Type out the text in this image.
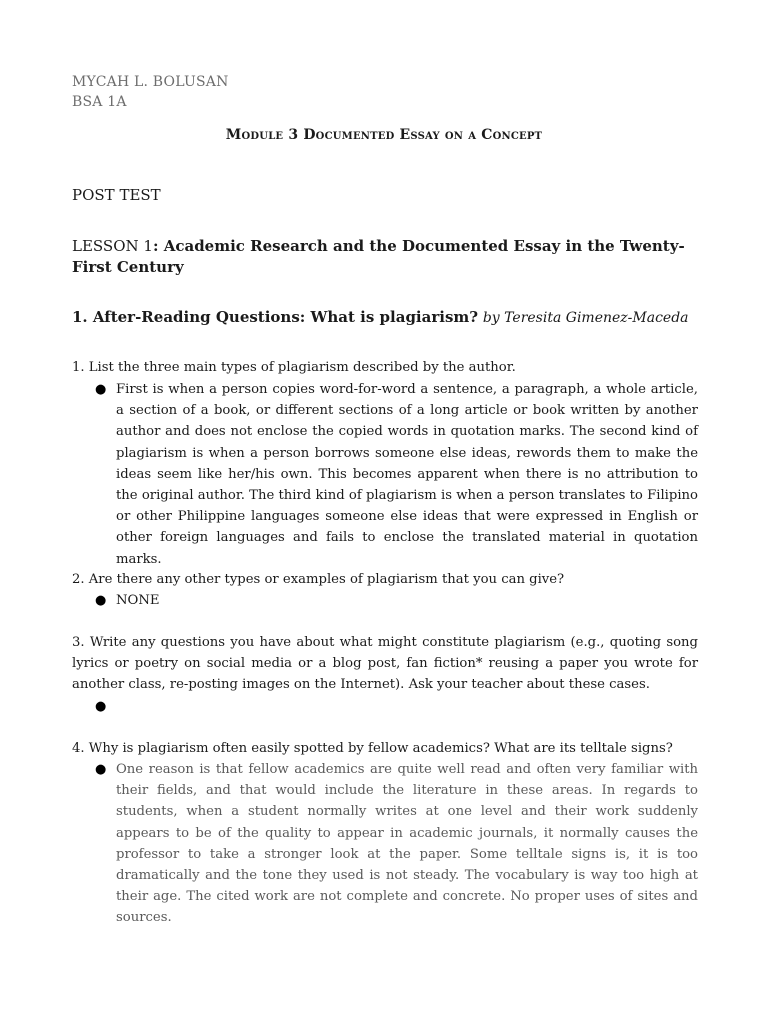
MYCAH L. BOLUSAN
BSA 1A
Module 3 Documented Essay on a Concept
POST TEST
LESSON 1: Academic Research and the Documented Essay in the Twenty-First Century
1. After-Reading Questions: What is plagiarism? by Teresita Gimenez-Maceda
1. List the three main types of plagiarism described by the author.
● First is when a person copies word-for-word a sentence, a paragraph, a whole article, a section of a book, or different sections of a long article or book written by another author and does not enclose the copied words in quotation marks. The second kind of plagiarism is when a person borrows someone else ideas, rewords them to make the ideas seem like her/his own. This becomes apparent when there is no attribution to the original author. The third kind of plagiarism is when a person translates to Filipino or other Philippine languages someone else ideas that were expressed in English or other foreign languages and fails to enclose the translated material in quotation marks.
2. Are there any other types or examples of plagiarism that you can give?
● NONE
3. Write any questions you have about what might constitute plagiarism (e.g., quoting song lyrics or poetry on social media or a blog post, fan fiction* reusing a paper you wrote for another class, re-posting images on the Internet). Ask your teacher about these cases.
●
4. Why is plagiarism often easily spotted by fellow academics? What are its telltale signs?
● One reason is that fellow academics are quite well read and often very familiar with their fields, and that would include the literature in these areas. In regards to students, when a student normally writes at one level and their work suddenly appears to be of the quality to appear in academic journals, it normally causes the professor to take a stronger look at the paper. Some telltale signs is, it is too dramatically and the tone they used is not steady. The vocabulary is way too high at their age. The cited work are not complete and concrete. No proper uses of sites and sources.
